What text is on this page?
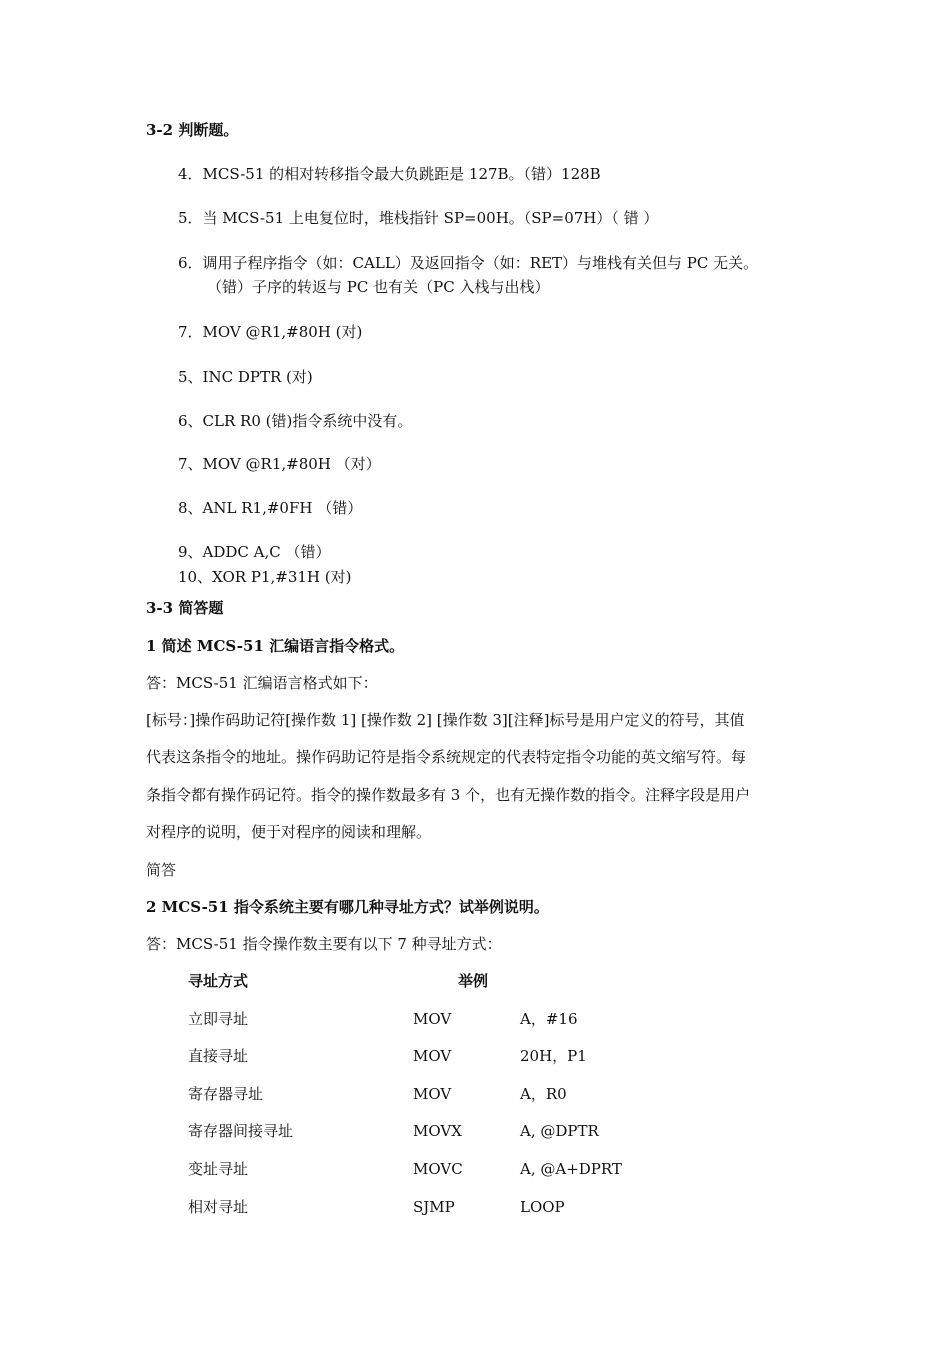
3-2 判断题。
4．MCS-51 的相对转移指令最大负跳距是 127B。（错）128B
5．当 MCS-51 上电复位时，堆栈指针 SP=00H。（SP=07H）（ 错 ）
6．调用子程序指令（如：CALL）及返回指令（如：RET）与堆栈有关但与 PC 无关。
（错）子序的转返与 PC 也有关（PC 入栈与出栈）
7．MOV @R1,#80H (对)
5、INC DPTR (对)
6、CLR R0 (错)指令系统中没有。
7、MOV @R1,#80H （对）
8、ANL R1,#0FH （错）
9、ADDC A,C （错）
10、XOR P1,#31H (对)
3-3 简答题
1 简述 MCS-51 汇编语言指令格式。
答：MCS-51 汇编语言格式如下：
[标号：]操作码助记符[操作数 1] [操作数 2] [操作数 3][注释]标号是用户定义的符号，其值
代表这条指令的地址。操作码助记符是指令系统规定的代表特定指令功能的英文缩写符。每
条指令都有操作码记符。指令的操作数最多有 3 个，也有无操作数的指令。注释字段是用户
对程序的说明，便于对程序的阅读和理解。
简答
2 MCS-51 指令系统主要有哪几种寻址方式？试举例说明。
答：MCS-51 指令操作数主要有以下 7 种寻址方式：
寻址方式	举例
立即寻址	MOV	A，#16
直接寻址	MOV	20H，P1
寄存器寻址	MOV	A，R0
寄存器间接寻址	MOVX	A, @DPTR
变址寻址	MOVC	A, @A+DPRT
相对寻址	SJMP	LOOP
